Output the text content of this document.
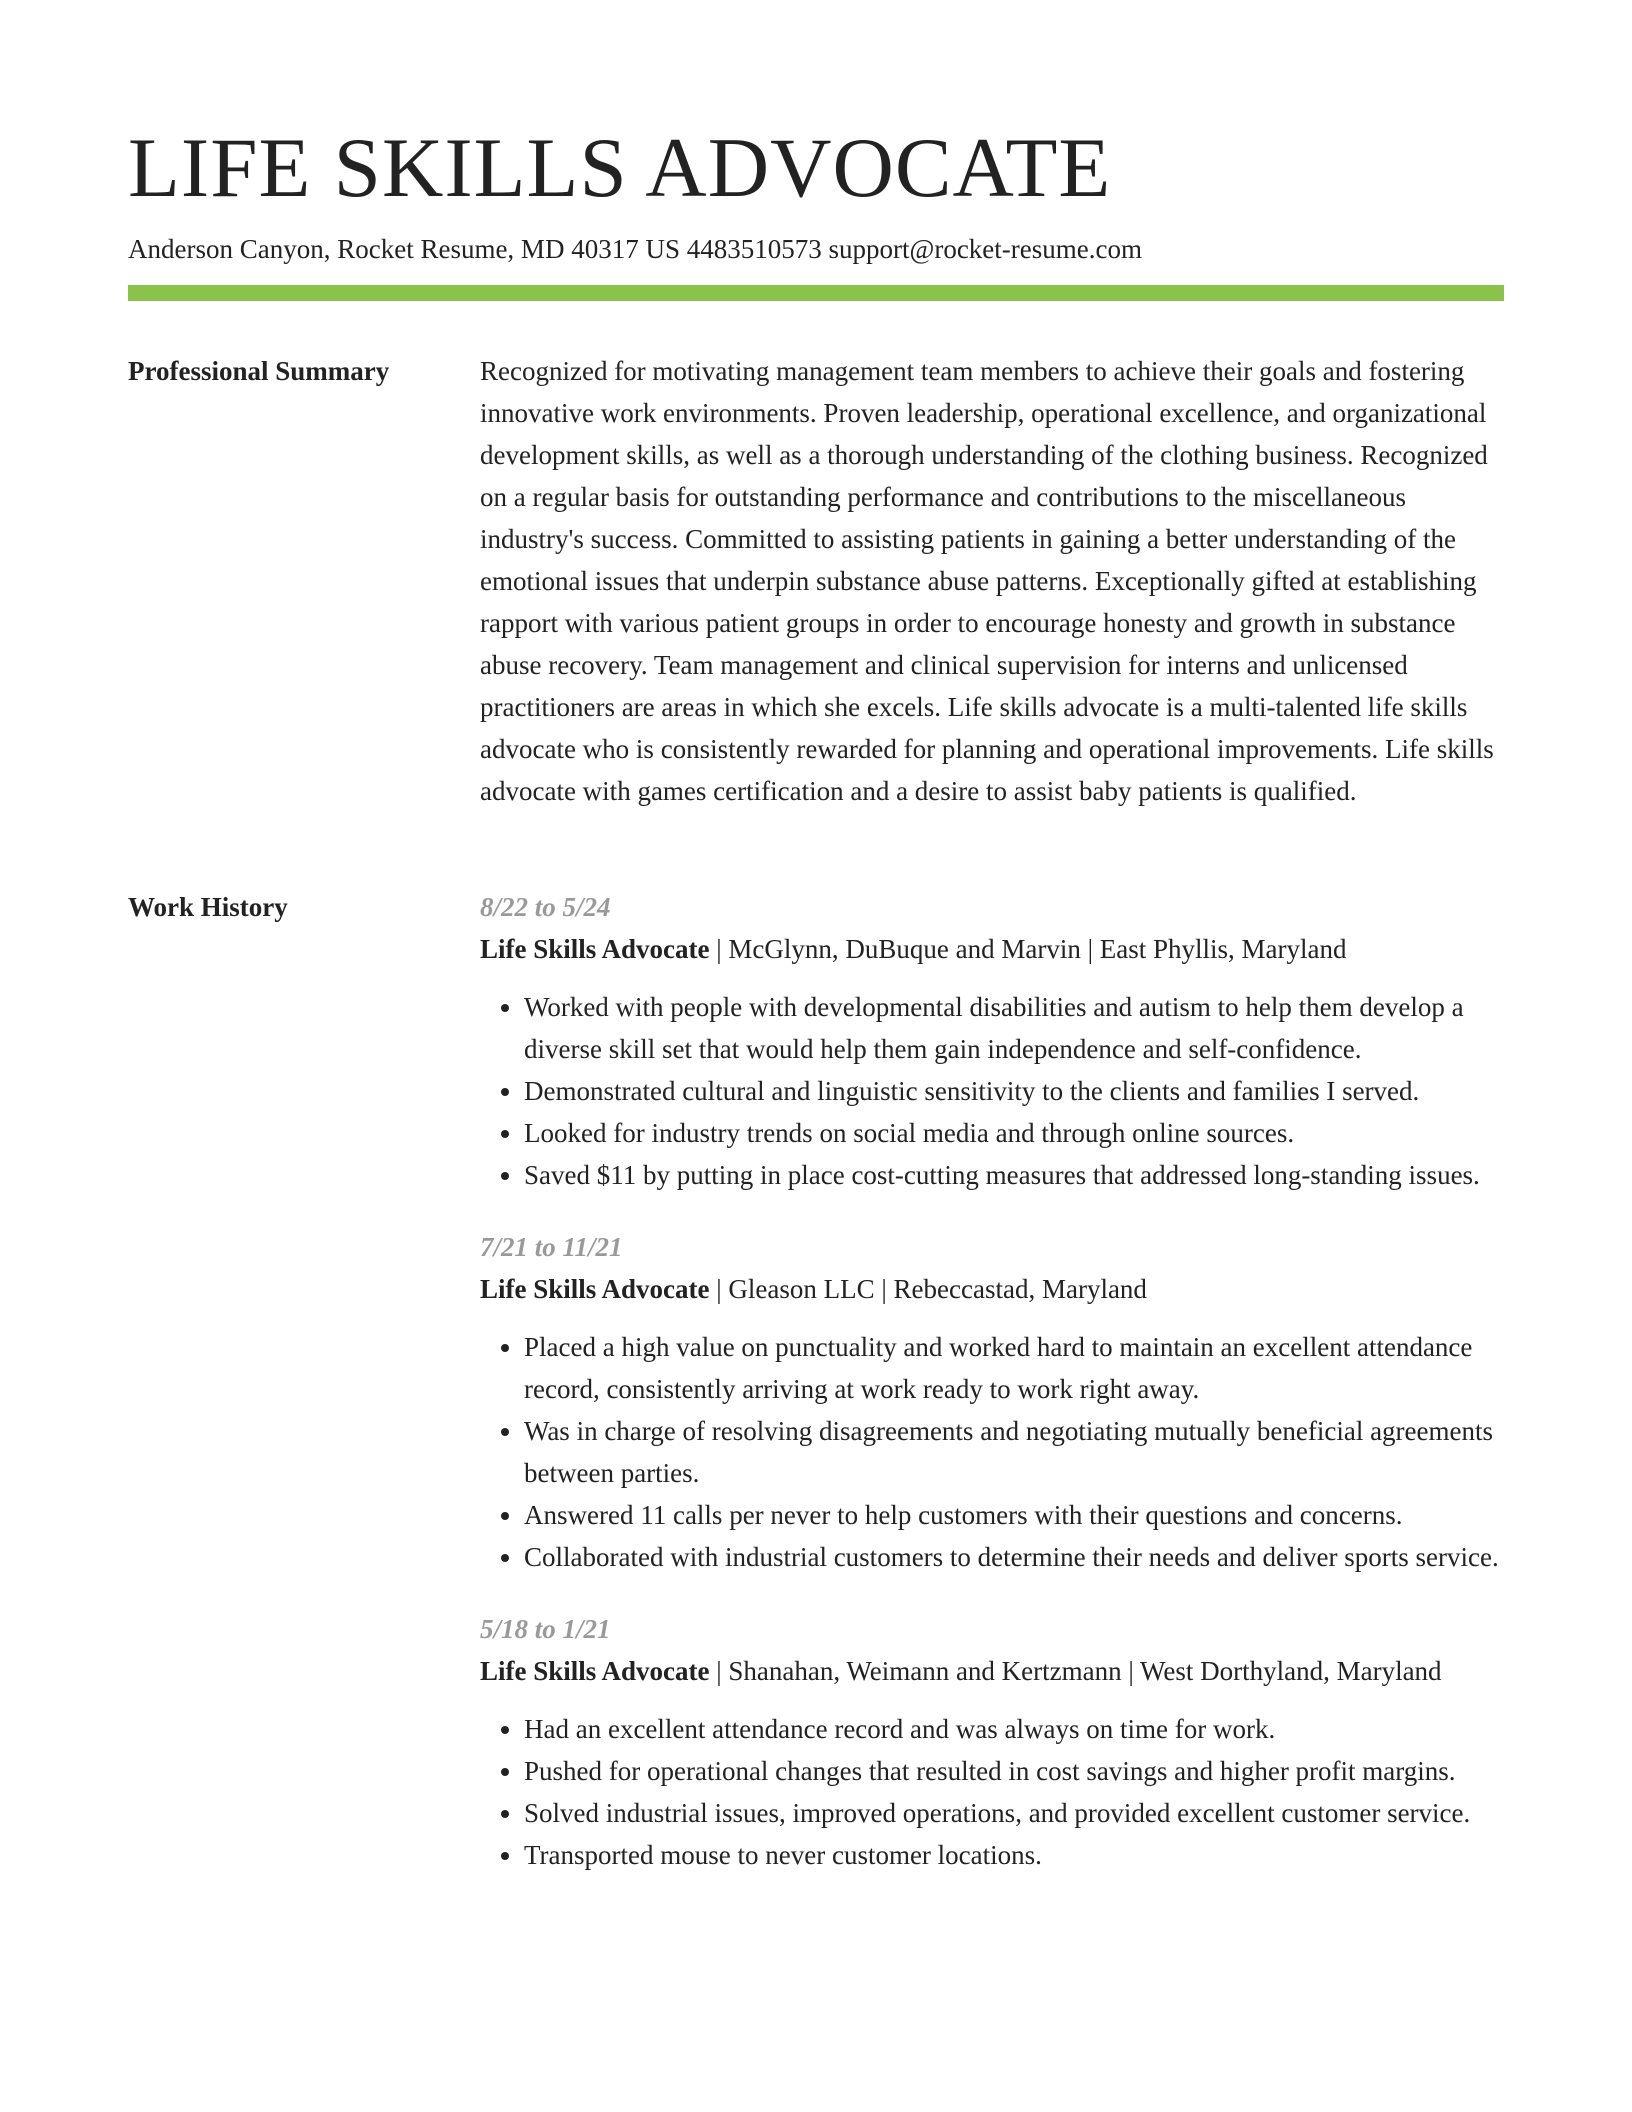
LIFE SKILLS ADVOCATE
Anderson Canyon, Rocket Resume, MD 40317 US 4483510573 support@rocket-resume.com
Professional Summary	Recognized for motivating management team members to achieve their goals and fostering innovative work environments. Proven leadership, operational excellence, and organizational development skills, as well as a thorough understanding of the clothing business. Recognized on a regular basis for outstanding performance and contributions to the miscellaneous industry's success. Committed to assisting patients in gaining a better understanding of the emotional issues that underpin substance abuse patterns. Exceptionally gifted at establishing rapport with various patient groups in order to encourage honesty and growth in substance abuse recovery. Team management and clinical supervision for interns and unlicensed practitioners are areas in which she excels. Life skills advocate is a multi-talented life skills advocate who is consistently rewarded for planning and operational improvements. Life skills advocate with games certification and a desire to assist baby patients is qualified.

Work History	8/22 to 5/24
Life Skills Advocate | McGlynn, DuBuque and Marvin | East Phyllis, Maryland
• Worked with people with developmental disabilities and autism to help them develop a diverse skill set that would help them gain independence and self-confidence.
• Demonstrated cultural and linguistic sensitivity to the clients and families I served.
• Looked for industry trends on social media and through online sources.
• Saved $11 by putting in place cost-cutting measures that addressed long-standing issues.
7/21 to 11/21
Life Skills Advocate | Gleason LLC | Rebeccastad, Maryland
• Placed a high value on punctuality and worked hard to maintain an excellent attendance record, consistently arriving at work ready to work right away.
• Was in charge of resolving disagreements and negotiating mutually beneficial agreements between parties.
• Answered 11 calls per never to help customers with their questions and concerns.
• Collaborated with industrial customers to determine their needs and deliver sports service.
5/18 to 1/21
Life Skills Advocate | Shanahan, Weimann and Kertzmann | West Dorthyland, Maryland
• Had an excellent attendance record and was always on time for work.
• Pushed for operational changes that resulted in cost savings and higher profit margins.
• Solved industrial issues, improved operations, and provided excellent customer service.
• Transported mouse to never customer locations.
